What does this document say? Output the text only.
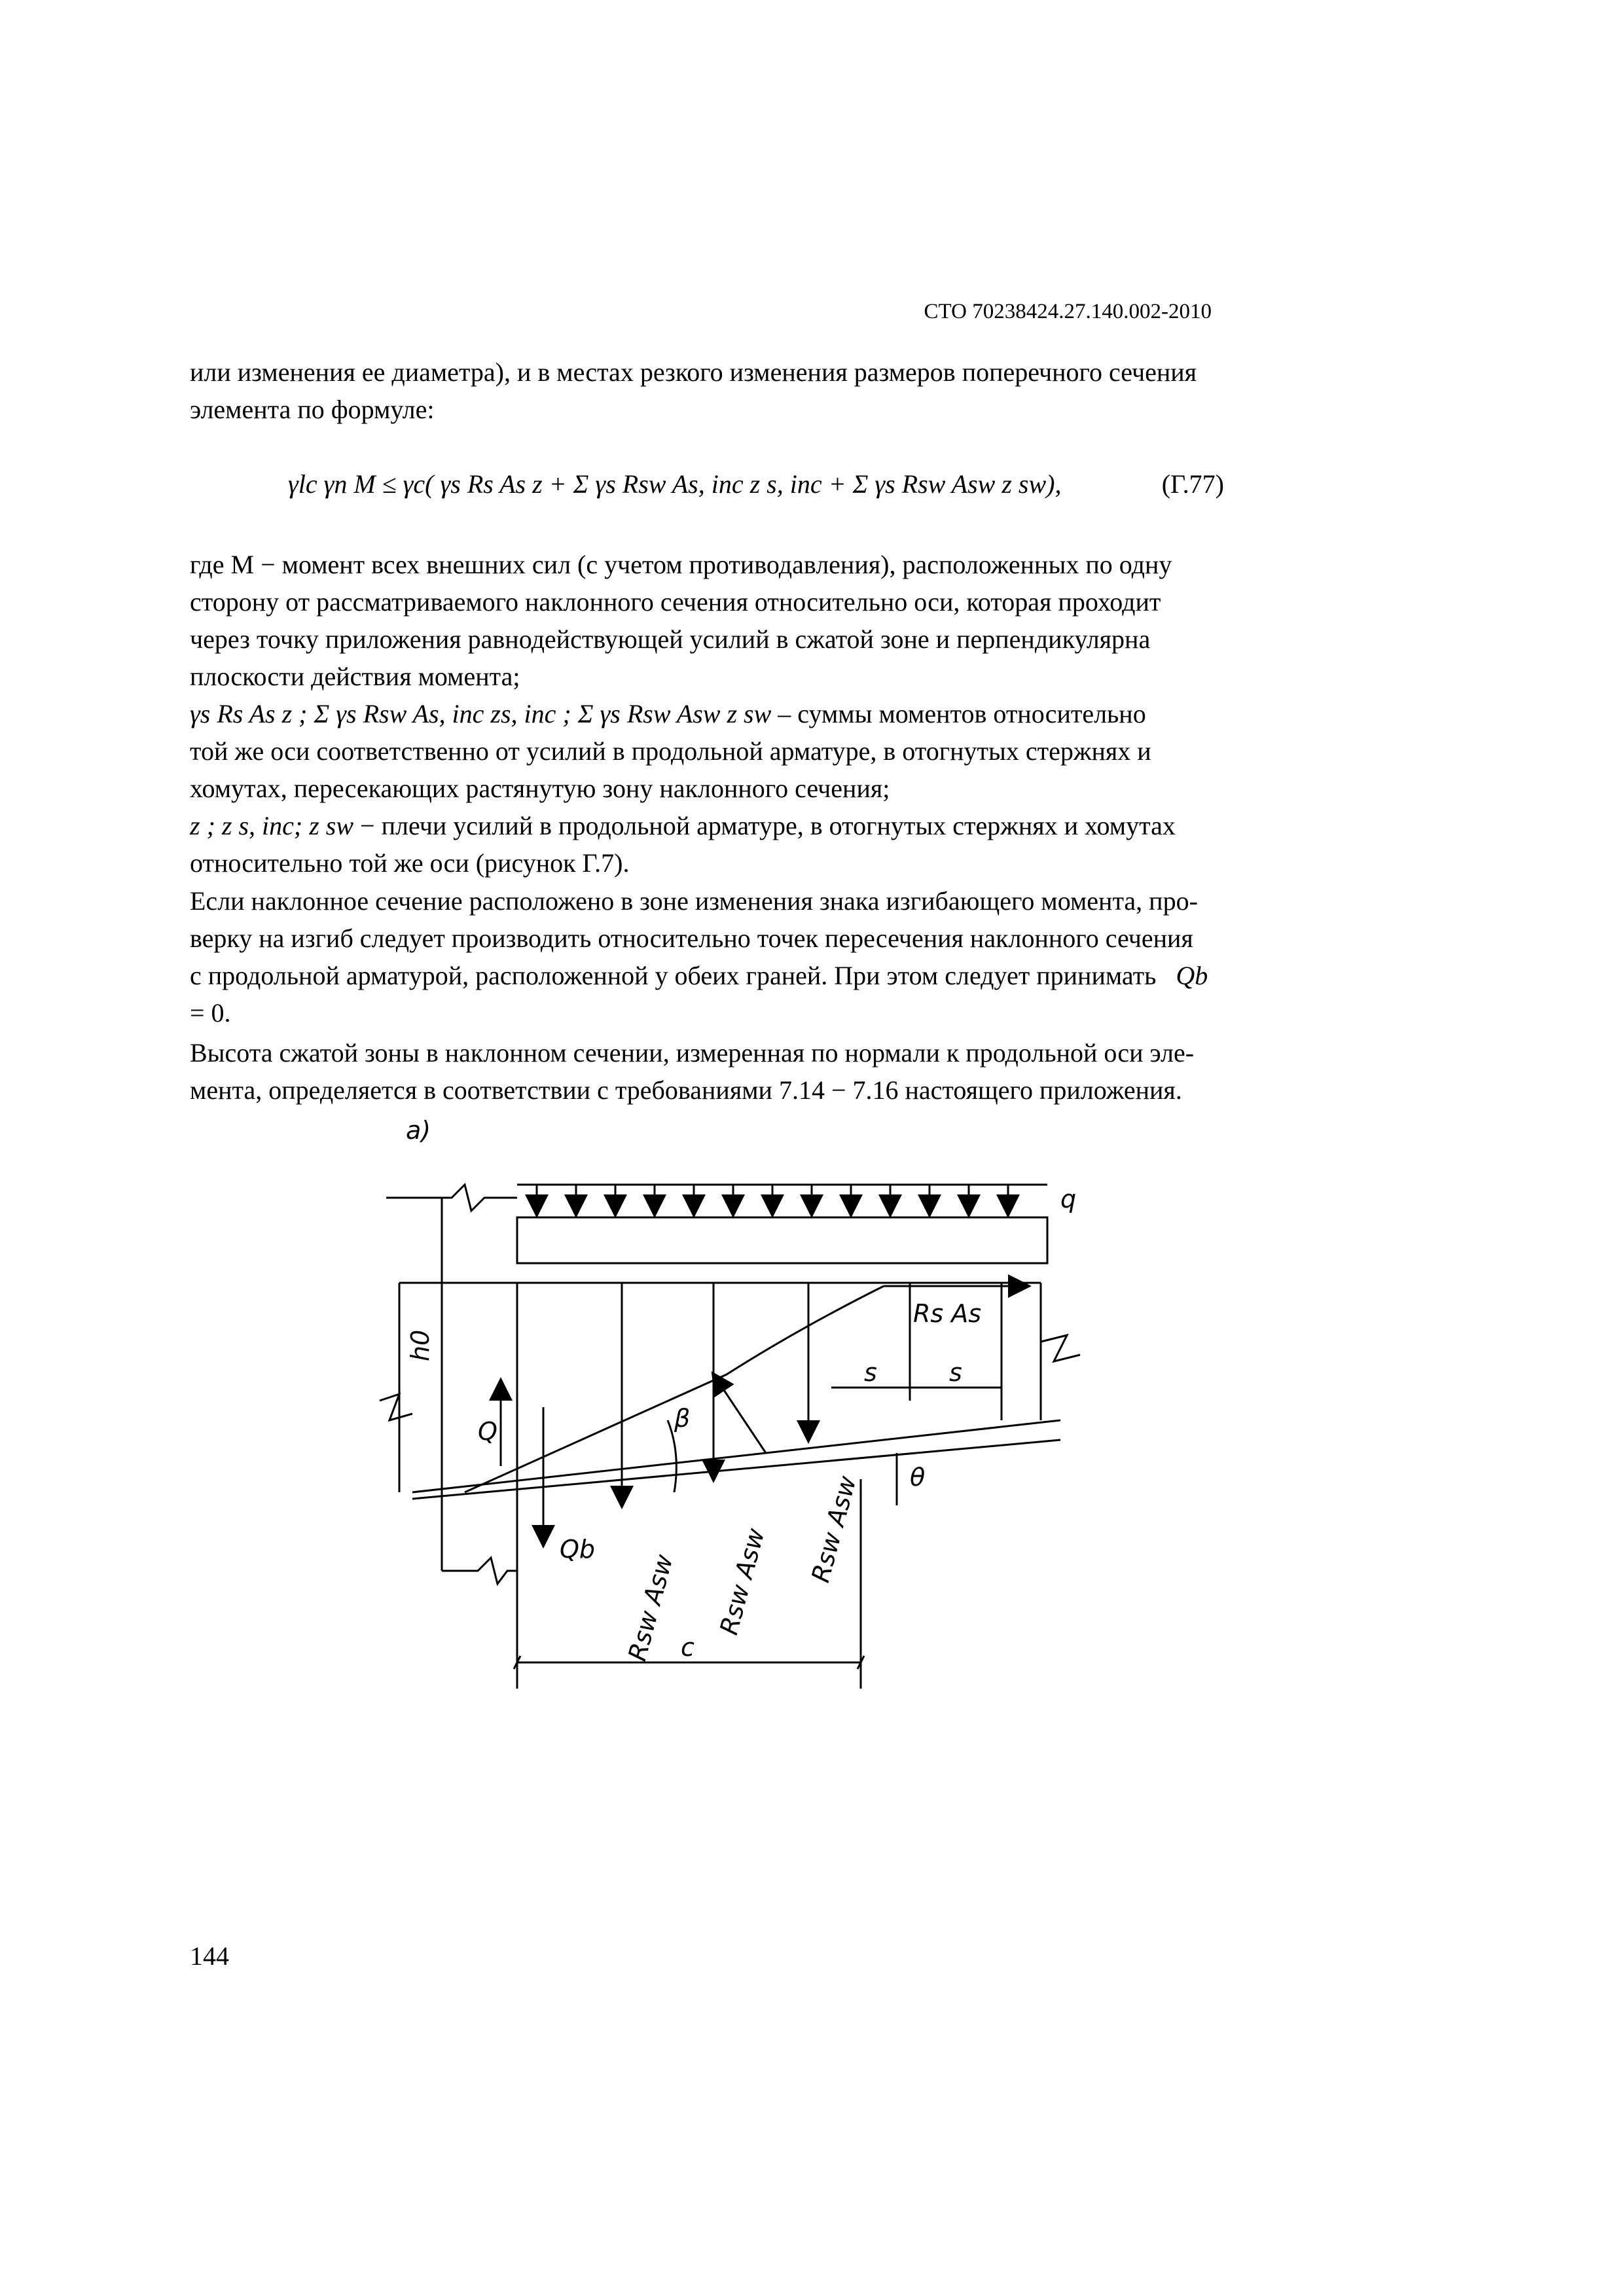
СТО 70238424.27.140.002-2010
или изменения ее диаметра), и в местах резкого изменения размеров поперечного сечения
элемента по формуле:
γlc γn M ≤ γc( γs Rs As z + Σ γs Rsw As, inc z s, inc + Σ γs Rsw Asw z sw),	(Г.77)
где М − момент всех внешних сил (с учетом противодавления), расположенных по одну
сторону от рассматриваемого наклонного сечения относительно оси, которая проходит
через точку приложения равнодействующей усилий в сжатой зоне и перпендикулярна
плоскости действия момента;
γs Rs As z ; Σ γs Rsw As, inc zs, inc ; Σ γs Rsw Asw z sw – суммы моментов относительно
той же оси соответственно от усилий в продольной арматуре, в отогнутых стержнях и
хомутах, пересекающих растянутую зону наклонного сечения;
z ; z s, inc; z sw − плечи усилий в продольной арматуре, в отогнутых стержнях и хомутах
относительно той же оси (рисунок Г.7).
Если наклонное сечение расположено в зоне изменения знака изгибающего момента, про-
верку на изгиб следует производить относительно точек пересечения наклонного сечения
с продольной арматурой, расположенной у обеих граней. При этом следует принимать Qb
= 0.
Высота сжатой зоны в наклонном сечении, измеренная по нормали к продольной оси эле-
мента, определяется в соответствии с требованиями 7.14 − 7.16 настоящего приложения.
a)
q
Rs As
s	s
h0
Q	β
θ
Qb
Rsw Asw Rsw Asw Rsw Asw
c
144
